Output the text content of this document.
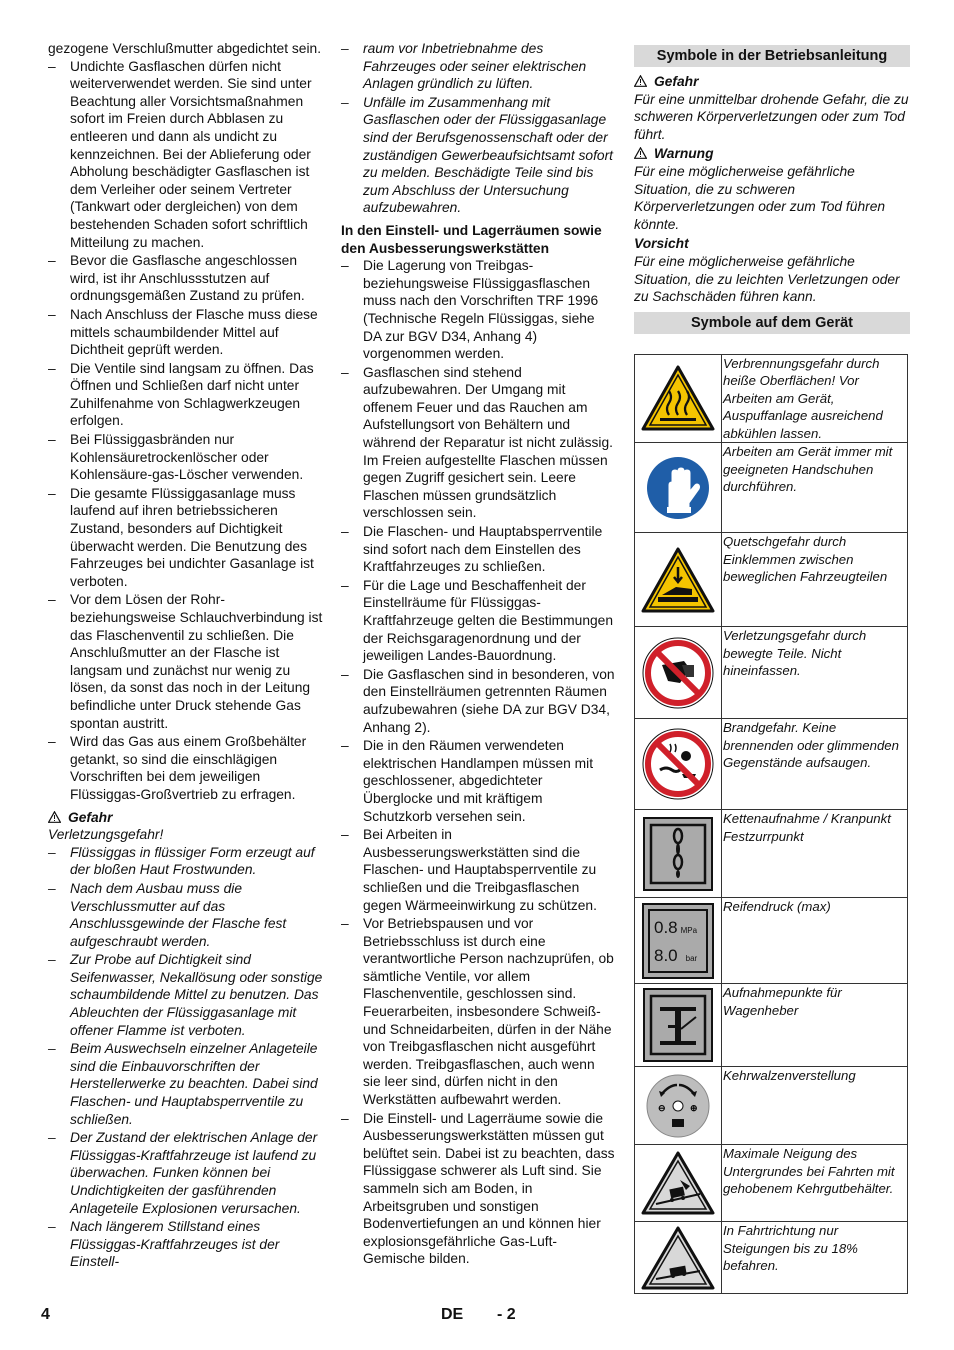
gezogene Verschlußmutter abgedichtet sein.

– Undichte Gasflaschen dürfen nicht weiterverwendet werden. Sie sind unter Beachtung aller Vorsichtsmaßnahmen sofort im Freien durch Abblasen zu entleeren und dann als undicht zu kennzeichnen. Bei der Ablieferung oder Abholung beschädigter Gasflaschen ist dem Verleiher oder seinem Vertreter (Tankwart oder dergleichen) von dem bestehenden Schaden sofort schriftlich Mitteilung zu machen.
– Bevor die Gasflasche angeschlossen wird, ist ihr Anschlussstutzen auf ordnungsgemäßen Zustand zu prüfen.
– Nach Anschluss der Flasche muss diese mittels schaumbildender Mittel auf Dichtheit geprüft werden.
– Die Ventile sind langsam zu öffnen. Das Öffnen und Schließen darf nicht unter Zuhilfenahme von Schlagwerkzeugen erfolgen.
– Bei Flüssiggasbränden nur Kohlensäuretrockenlöscher oder Kohlensäure-gas-Löscher verwenden.
– Die gesamte Flüssiggasanlage muss laufend auf ihren betriebssicheren Zustand, besonders auf Dichtigkeit überwacht werden. Die Benutzung des Fahrzeuges bei undichter Gasanlage ist verboten.
– Vor dem Lösen der Rohr- beziehungsweise Schlauchverbindung ist das Flaschenventil zu schließen. Die Anschlußmutter an der Flasche ist langsam und zunächst nur wenig zu lösen, da sonst das noch in der Leitung befindliche unter Druck stehende Gas spontan austritt.
– Wird das Gas aus einem Großbehälter getankt, so sind die einschlägigen Vorschriften bei dem jeweiligen Flüssiggas-Großvertrieb zu erfragen.

Gefahr

Verletzungsgefahr!

– Flüssiggas in flüssiger Form erzeugt auf der bloßen Haut Frostwunden.
– Nach dem Ausbau muss die Verschlussmutter auf das Anschlussgewinde der Flasche fest aufgeschraubt werden.
– Zur Probe auf Dichtigkeit sind Seifenwasser, Nekallösung oder sonstige schaumbildende Mittel zu benutzen. Das Ableuchten der Flüssiggasanlage mit offener Flamme ist verboten.
– Beim Auswechseln einzelner Anlageteile sind die Einbauvorschriften der Herstellerwerke zu beachten. Dabei sind Flaschen- und Hauptabsperrventile zu schließen.
– Der Zustand der elektrischen Anlage der Flüssiggas-Kraftfahrzeuge ist laufend zu überwachen. Funken können bei Undichtigkeiten der gasführenden Anlageteile Explosionen verursachen.
– Nach längerem Stillstand eines Flüssiggas-Kraftfahrzeuges ist der Einstell-
– raum vor Inbetriebnahme des Fahrzeuges oder seiner elektrischen Anlagen gründlich zu lüften.
– Unfälle im Zusammenhang mit Gasflaschen oder der Flüssiggasanlage sind der Berufsgenossenschaft oder der zuständigen Gewerbeaufsichtsamt sofort zu melden. Beschädigte Teile sind bis zum Abschluss der Untersuchung aufzubewahren.

In den Einstell- und Lagerräumen sowie den Ausbesserungswerkstätten

– Die Lagerung von Treibgas- beziehungsweise Flüssiggasflaschen muss nach den Vorschriften TRF 1996 (Technische Regeln Flüssiggas, siehe DA zur BGV D34, Anhang 4) vorgenommen werden.
– Gasflaschen sind stehend aufzubewahren. Der Umgang mit offenem Feuer und das Rauchen am Aufstellungsort von Behältern und während der Reparatur ist nicht zulässig. Im Freien aufgestellte Flaschen müssen gegen Zugriff gesichert sein. Leere Flaschen müssen grundsätzlich verschlossen sein.
– Die Flaschen- und Hauptabsperrventile sind sofort nach dem Einstellen des Kraftfahrzeuges zu schließen.
– Für die Lage und Beschaffenheit der Einstellräume für Flüssiggas-Kraftfahrzeuge gelten die Bestimmungen der Reichsgaragenordnung und der jeweiligen Landes-Bauordnung.
– Die Gasflaschen sind in besonderen, von den Einstellräumen getrennten Räumen aufzubewahren (siehe DA zur BGV D34, Anhang 2).
– Die in den Räumen verwendeten elektrischen Handlampen müssen mit geschlossener, abgedichteter Überglocke und mit kräftigem Schutzkorb versehen sein.
– Bei Arbeiten in Ausbesserungswerkstätten sind die Flaschen- und Hauptabsperrventile zu schließen und die Treibgasflaschen gegen Wärmeeinwirkung zu schützen.
– Vor Betriebspausen und vor Betriebsschluss ist durch eine verantwortliche Person nachzuprüfen, ob sämtliche Ventile, vor allem Flaschenventile, geschlossen sind. Feuerarbeiten, insbesondere Schweiß- und Schneidarbeiten, dürfen in der Nähe von Treibgasflaschen nicht ausgeführt werden. Treibgasflaschen, auch wenn sie leer sind, dürfen nicht in den Werkstätten aufbewahrt werden.
– Die Einstell- und Lagerräume sowie die Ausbesserungswerkstätten müssen gut belüftet sein. Dabei ist zu beachten, dass Flüssiggase schwerer als Luft sind. Sie sammeln sich am Boden, in Arbeitsgruben und sonstigen Bodenvertiefungen an und können hier explosionsgefährliche Gas-Luft-Gemische bilden.
Symbole in der Betriebsanleitung

Gefahr

Für eine unmittelbar drohende Gefahr, die zu schweren Körperverletzungen oder zum Tod führt.

Warnung

Für eine möglicherweise gefährliche Situation, die zu schweren Körperverletzungen oder zum Tod führen könnte.

Vorsicht

Für eine möglicherweise gefährliche Situation, die zu leichten Verletzungen oder zu Sachschäden führen kann.

Symbole auf dem Gerät
	Verbrennungsgefahr durch heiße Oberflächen! Vor Arbeiten am Gerät, Auspuffanlage ausreichend abkühlen lassen.

	Arbeiten am Gerät immer mit geeigneten Handschuhen durchführen.

	Quetschgefahr durch Einklemmen zwischen beweglichen Fahrzeugteilen

	Verletzungsgefahr durch bewegte Teile. Nicht hineinfassen.

	Brandgefahr. Keine brennenden oder glimmenden Gegenstände aufsaugen.

	Kettenaufnahme / Kranpunkt Festzurrpunkt

0.8 MPa
8.0 bar	Reifendruck (max)

	Aufnahmepunkte für Wagenheber

⊖ ⊕	Kehrwalzenverstellung

	Maximale Neigung des Untergrundes bei Fahrten mit gehobenem Kehrgutbehälter.

	In Fahrtrichtung nur Steigungen bis zu 18% befahren.
4	DE - 2
